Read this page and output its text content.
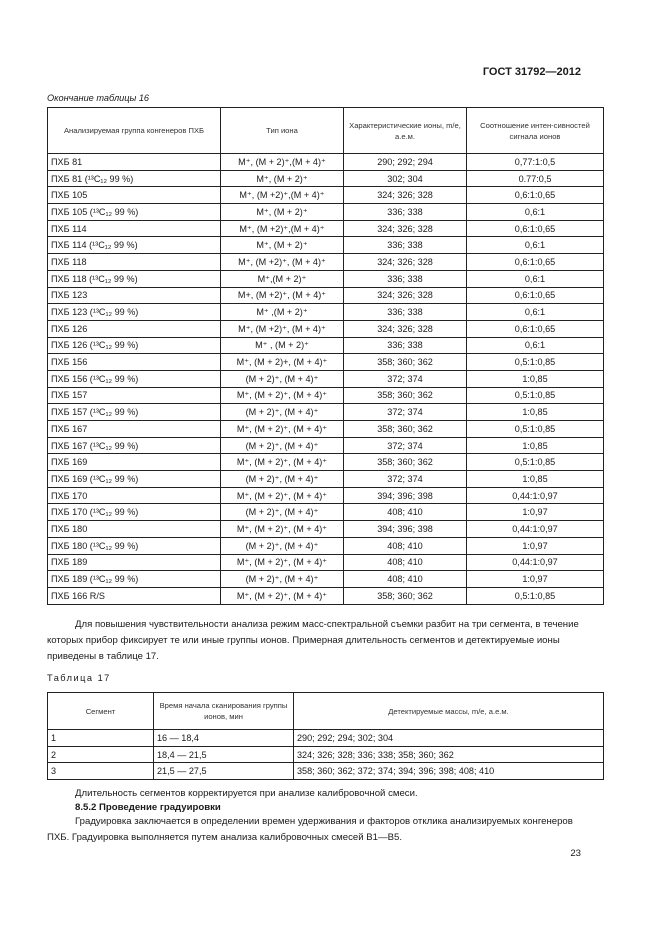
ГОСТ 31792—2012
Окончание таблицы 16
Анализируемая группа конгенеров ПХБ	Тип иона	Характеристические ионы, m/e, а.е.м.	Соотношение интен-сивностей сигнала ионов
ПХБ 81	M⁺, (M + 2)⁺,(M + 4)⁺	290; 292; 294	0,77:1:0,5
ПХБ 81 (¹³C₁₂ 99 %)	M⁺, (M + 2)⁺	302; 304	0.77:0,5
ПХБ 105	M⁺, (M +2)⁺,(M + 4)⁺	324; 326; 328	0,6:1:0,65
ПХБ 105 (¹³C₁₂ 99 %)	M⁺, (M + 2)⁺	336; 338	0,6:1
ПХБ 114	M⁺, (M +2)⁺,(M + 4)⁺	324; 326; 328	0,6:1:0,65
ПХБ 114 (¹³C₁₂ 99 %)	M⁺, (M + 2)⁺	336; 338	0,6:1
ПХБ 118	M⁺, (M +2)⁺, (M + 4)⁺	324; 326; 328	0,6:1:0,65
ПХБ 118 (¹³C₁₂ 99 %)	M⁺,(M + 2)⁺	336; 338	0,6:1
ПХБ 123	M+, (M +2)⁺, (M + 4)⁺	324; 326; 328	0,6:1:0,65
ПХБ 123 (¹³C₁₂ 99 %)	M⁺ ,(M + 2)⁺	336; 338	0,6:1
ПХБ 126	M⁺, (M +2)⁺, (M + 4)⁺	324; 326; 328	0,6:1:0,65
ПХБ 126 (¹³C₁₂ 99 %)	M⁺ , (M + 2)⁺	336; 338	0,6:1
ПХБ 156	M⁺, (M + 2)+, (M + 4)⁺	358; 360; 362	0,5:1:0,85
ПХБ 156 (¹³C₁₂ 99 %)	(M + 2)⁺, (M + 4)⁺	372; 374	1:0,85
ПХБ 157	M⁺, (M + 2)⁺, (M + 4)⁺	358; 360; 362	0,5:1:0,85
ПХБ 157 (¹³C₁₂ 99 %)	(M + 2)⁺, (M + 4)⁺	372; 374	1:0,85
ПХБ 167	M⁺, (M + 2)⁺, (M + 4)⁺	358; 360; 362	0,5:1:0,85
ПХБ 167 (¹³C₁₂ 99 %)	(M + 2)⁺, (M + 4)⁺	372; 374	1:0,85
ПХБ 169	M⁺, (M + 2)⁺, (M + 4)⁺	358; 360; 362	0,5:1:0,85
ПХБ 169 (¹³C₁₂ 99 %)	(M + 2)⁺, (M + 4)⁺	372; 374	1:0,85
ПХБ 170	M⁺, (M + 2)⁺, (M + 4)⁺	394; 396; 398	0,44:1:0,97
ПХБ 170 (¹³C₁₂ 99 %)	(M + 2)⁺, (M + 4)⁺	408; 410	1:0,97
ПХБ 180	M⁺, (M + 2)⁺, (M + 4)⁺	394; 396; 398	0,44:1:0,97
ПХБ 180 (¹³C₁₂ 99 %)	(M + 2)⁺, (M + 4)⁺	408; 410	1:0,97
ПХБ 189	M⁺, (M + 2)⁺, (M + 4)⁺	408; 410	0,44:1:0,97
ПХБ 189 (¹³C₁₂ 99 %)	(M + 2)⁺, (M + 4)⁺	408; 410	1:0,97
ПХБ 166 R/S	M⁺, (M + 2)⁺, (M + 4)⁺	358; 360; 362	0,5:1:0,85
Для повышения чувствительности анализа режим масс-спектральной съемки разбит на три сегмента, в течение которых прибор фиксирует те или иные группы ионов. Примерная длительность сегментов и детектируемые ионы приведены в таблице 17.
Таблица 17
Сегмент	Время начала сканирования группы ионов, мин	Детектируемые массы, m/e, а.е.м.
1	16 — 18,4	290; 292; 294; 302; 304
2	18,4 — 21,5	324; 326; 328; 336; 338; 358; 360; 362
3	21,5 — 27,5	358; 360; 362; 372; 374; 394; 396; 398; 408; 410
Длительность сегментов корректируется при анализе калибровочной смеси.
8.5.2 Проведение градуировки
Градуировка заключается в определении времен удерживания и факторов отклика анализируемых конгенеров ПХБ. Градуировка выполняется путем анализа калибровочных смесей B1—B5.
23
